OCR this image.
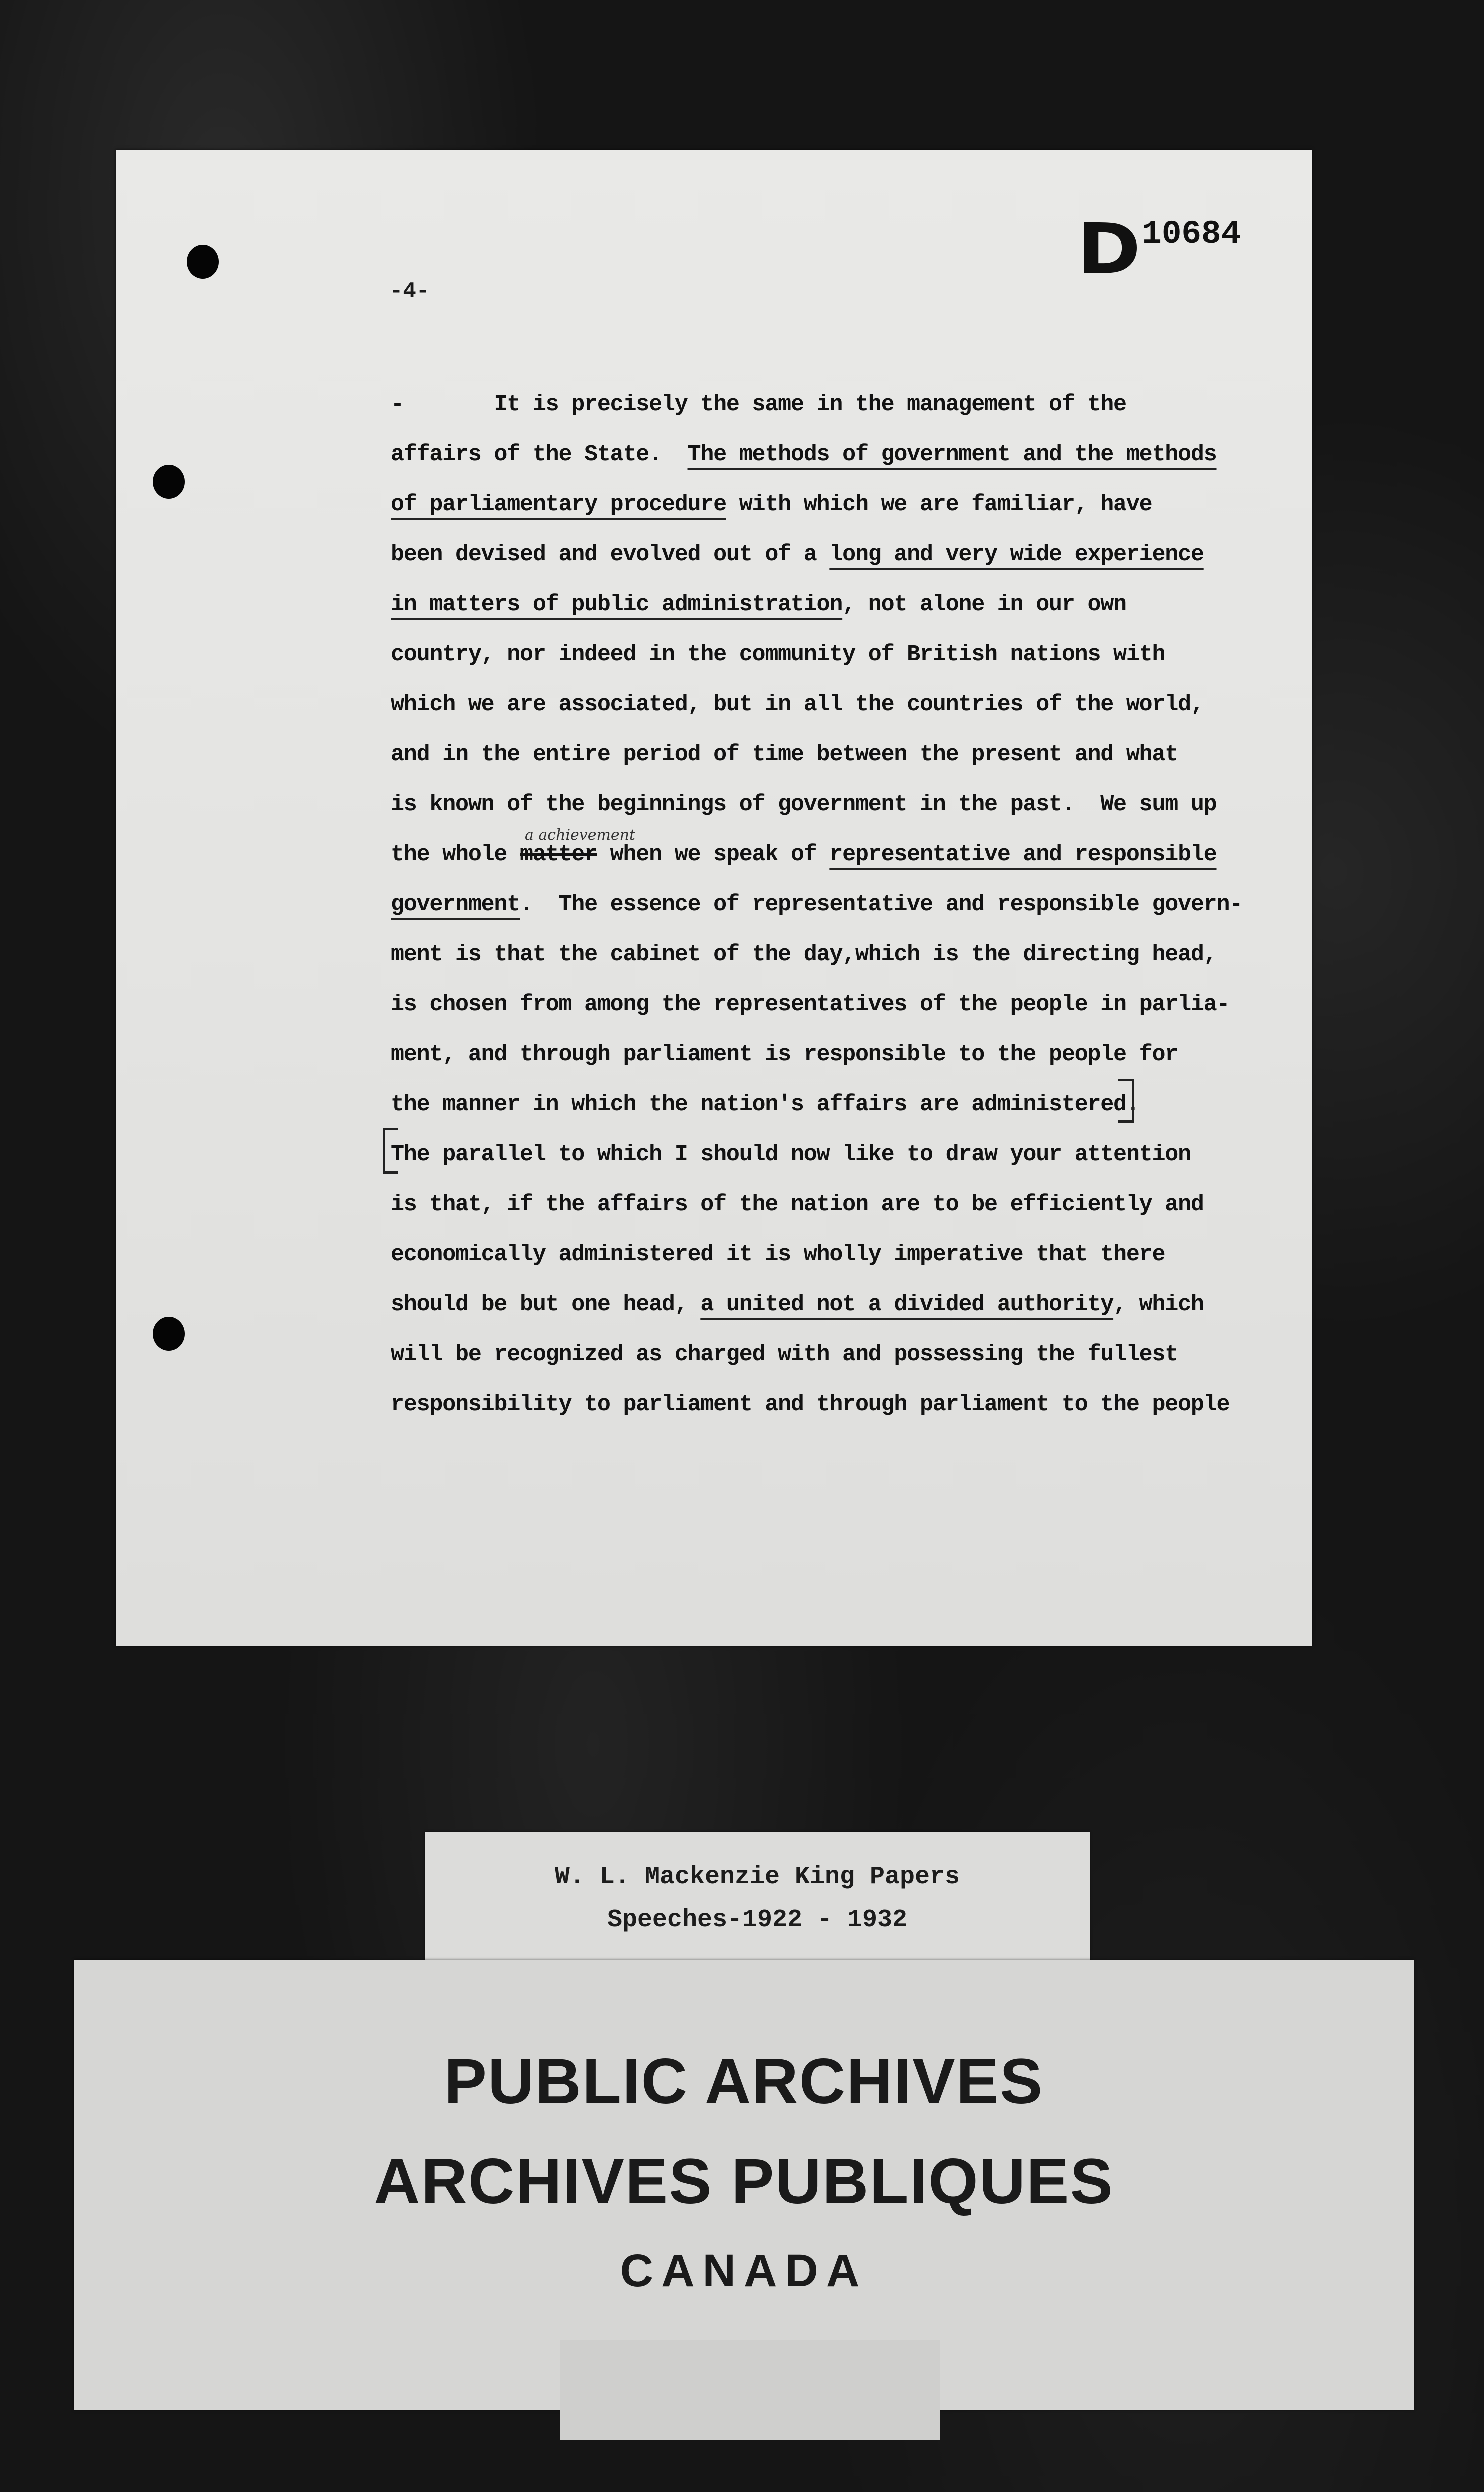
D 10684
-4-
-       It is precisely the same in the management of the
affairs of the State.  The methods of government and the methods
of parliamentary procedure with which we are familiar, have
been devised and evolved out of a long and very wide experience
in matters of public administration, not alone in our own
country, nor indeed in the community of British nations with
which we are associated, but in all the countries of the world,
and in the entire period of time between the present and what
is known of the beginnings of government in the past.  We sum up
the whole matter
a achievement
when we speak of representative and responsible
government.  The essence of representative and responsible govern-
ment is that the cabinet of the day,which is the directing head,
is chosen from among the representatives of the people in parlia-
ment, and through parliament is responsible to the people for
the manner in which the nation's affairs are administered.
The parallel to which I should now like to draw your attention
is that, if the affairs of the nation are to be efficiently and
economically administered it is wholly imperative that there
should be but one head, a united not a divided authority, which
will be recognized as charged with and possessing the fullest
responsibility to parliament and through parliament to the people
W. L. Mackenzie King Papers
Speeches-1922 - 1932
PUBLIC ARCHIVES
ARCHIVES PUBLIQUES
CANADA
